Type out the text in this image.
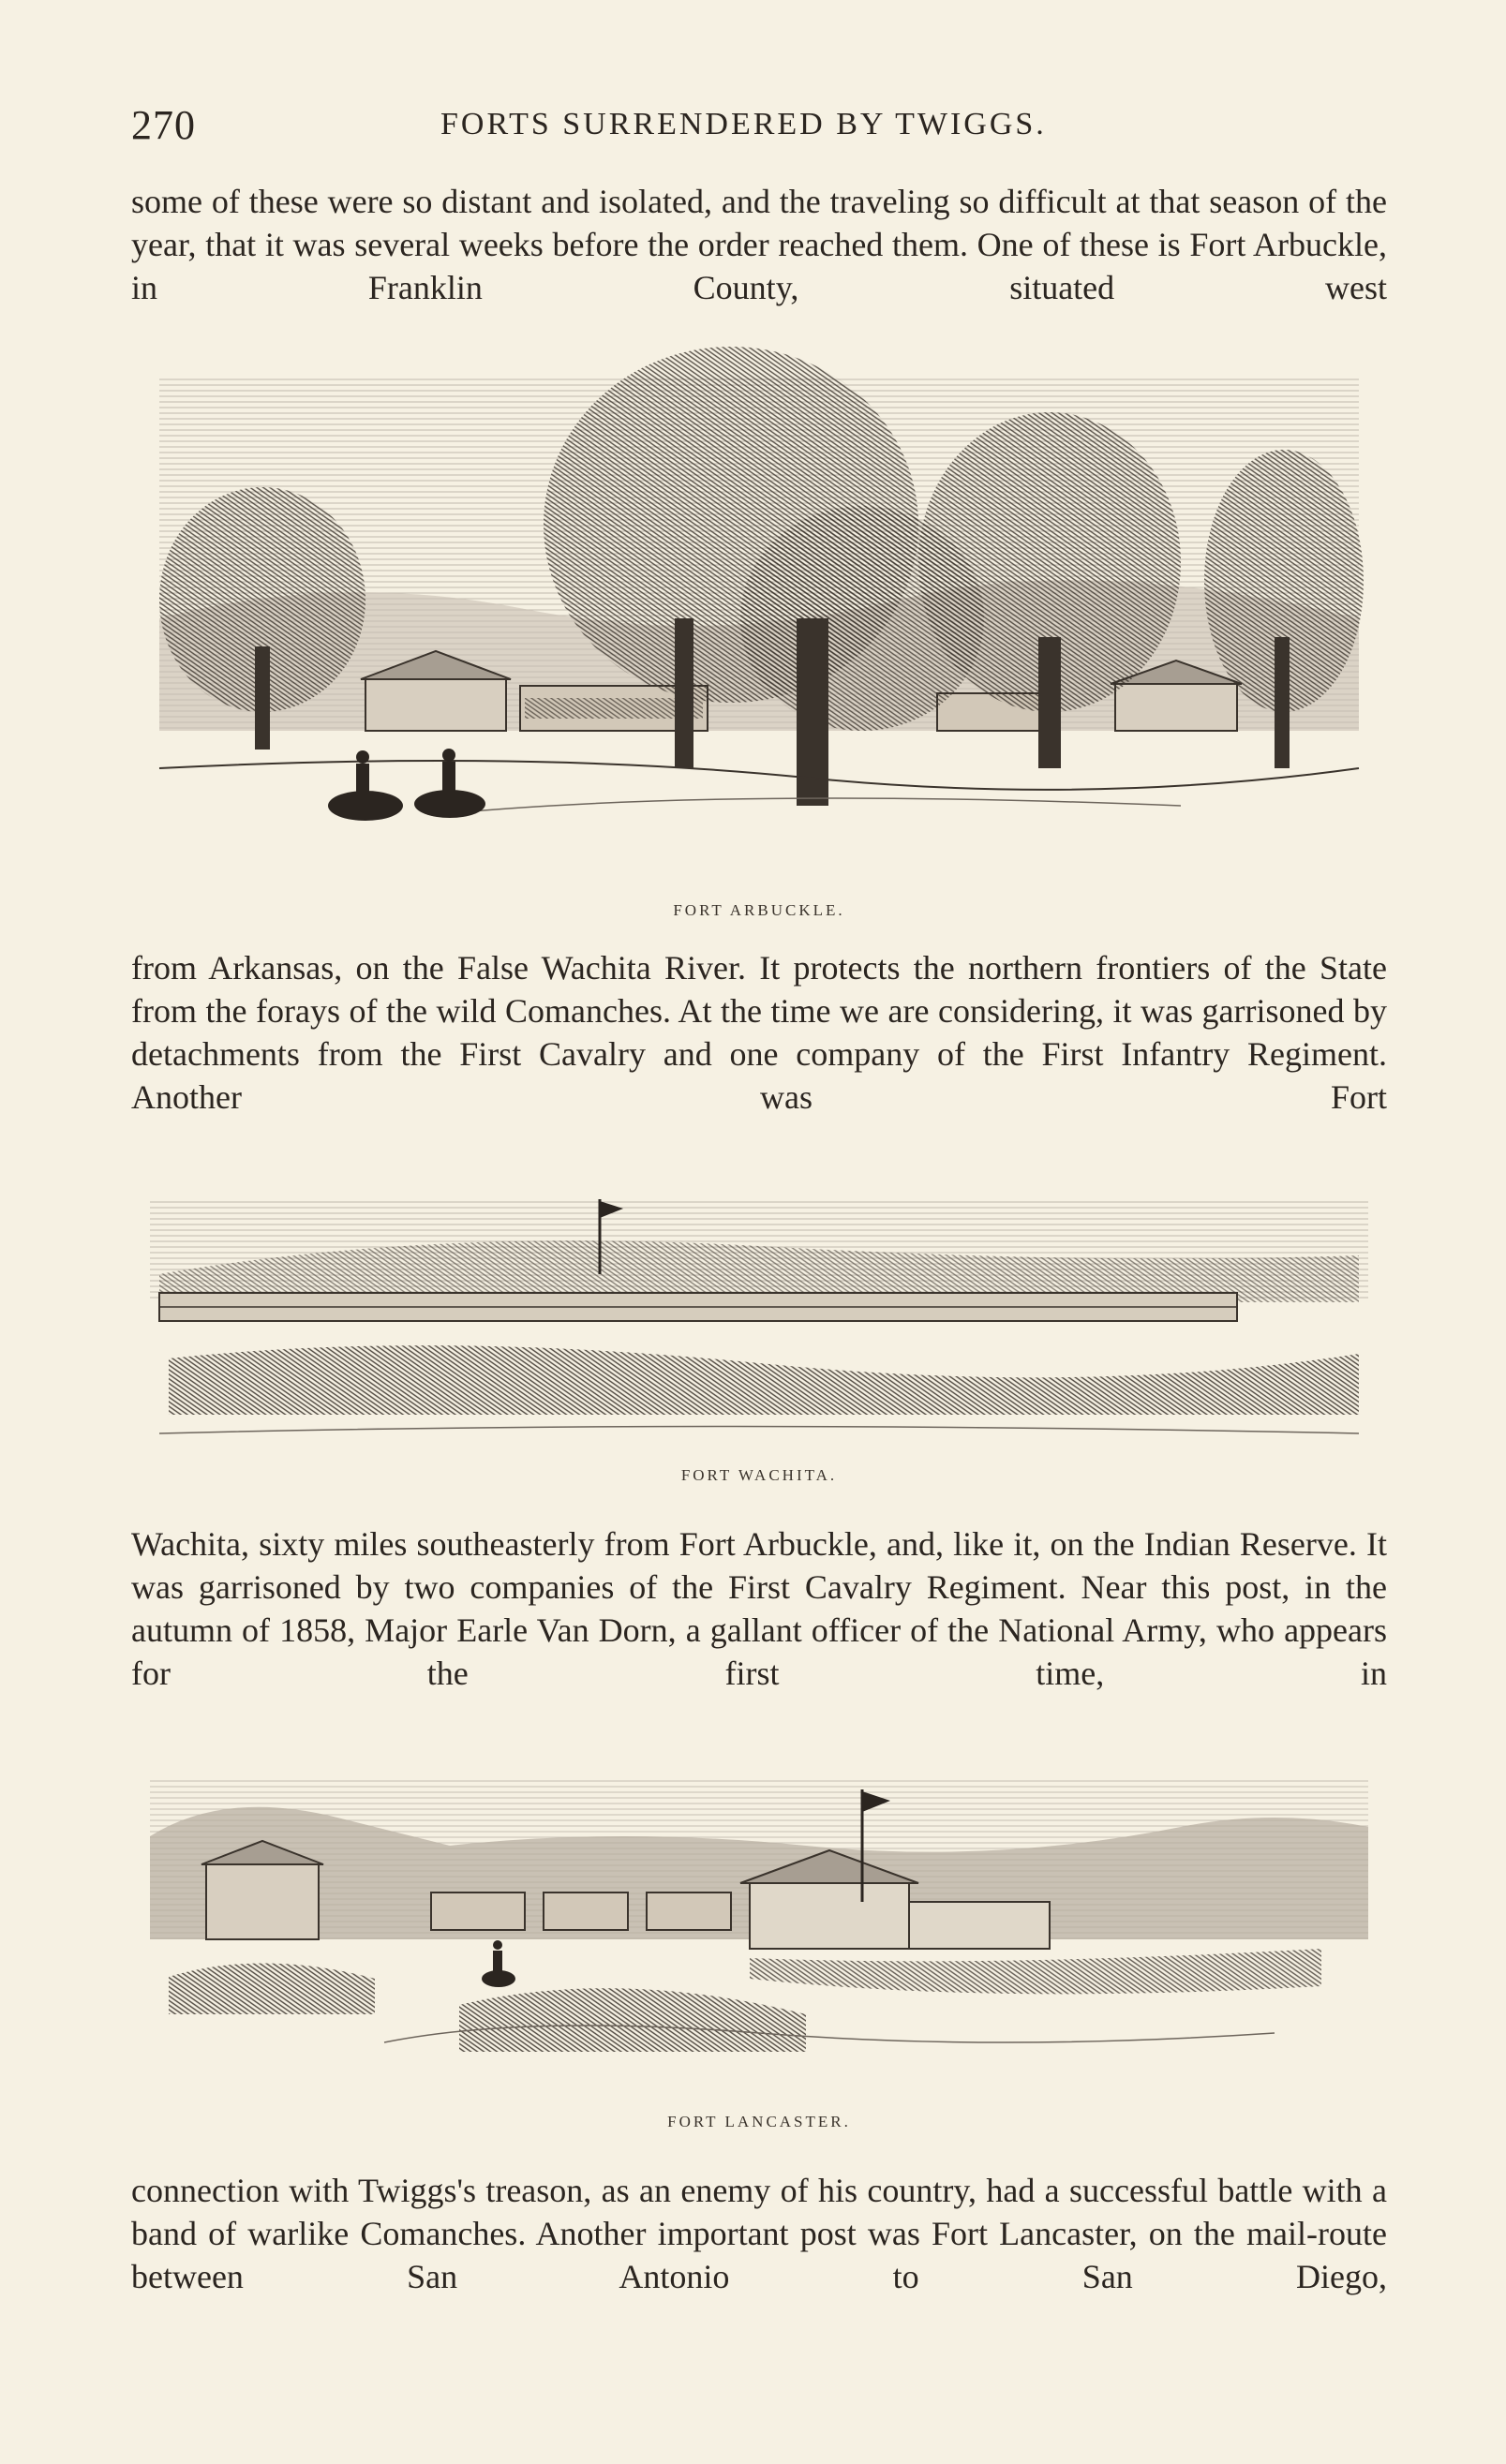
270	FORTS SURRENDERED BY TWIGGS.

some of these were so distant and isolated, and the traveling so difficult at that season of the year, that it was several weeks before the order reached them. One of these is Fort Arbuckle, in Franklin County, situated west

FORT ARBUCKLE.

from Arkansas, on the False Wachita River. It protects the northern frontiers of the State from the forays of the wild Comanches. At the time we are considering, it was garrisoned by detachments from the First Cavalry and one company of the First Infantry Regiment. Another was Fort

FORT WACHITA.

Wachita, sixty miles southeasterly from Fort Arbuckle, and, like it, on the Indian Reserve. It was garrisoned by two companies of the First Cavalry Regiment. Near this post, in the autumn of 1858, Major Earle Van Dorn, a gallant officer of the National Army, who appears for the first time, in

FORT LANCASTER.

connection with Twiggs's treason, as an enemy of his country, had a successful battle with a band of warlike Comanches. Another important post was Fort Lancaster, on the mail-route between San Antonio to San Diego,
